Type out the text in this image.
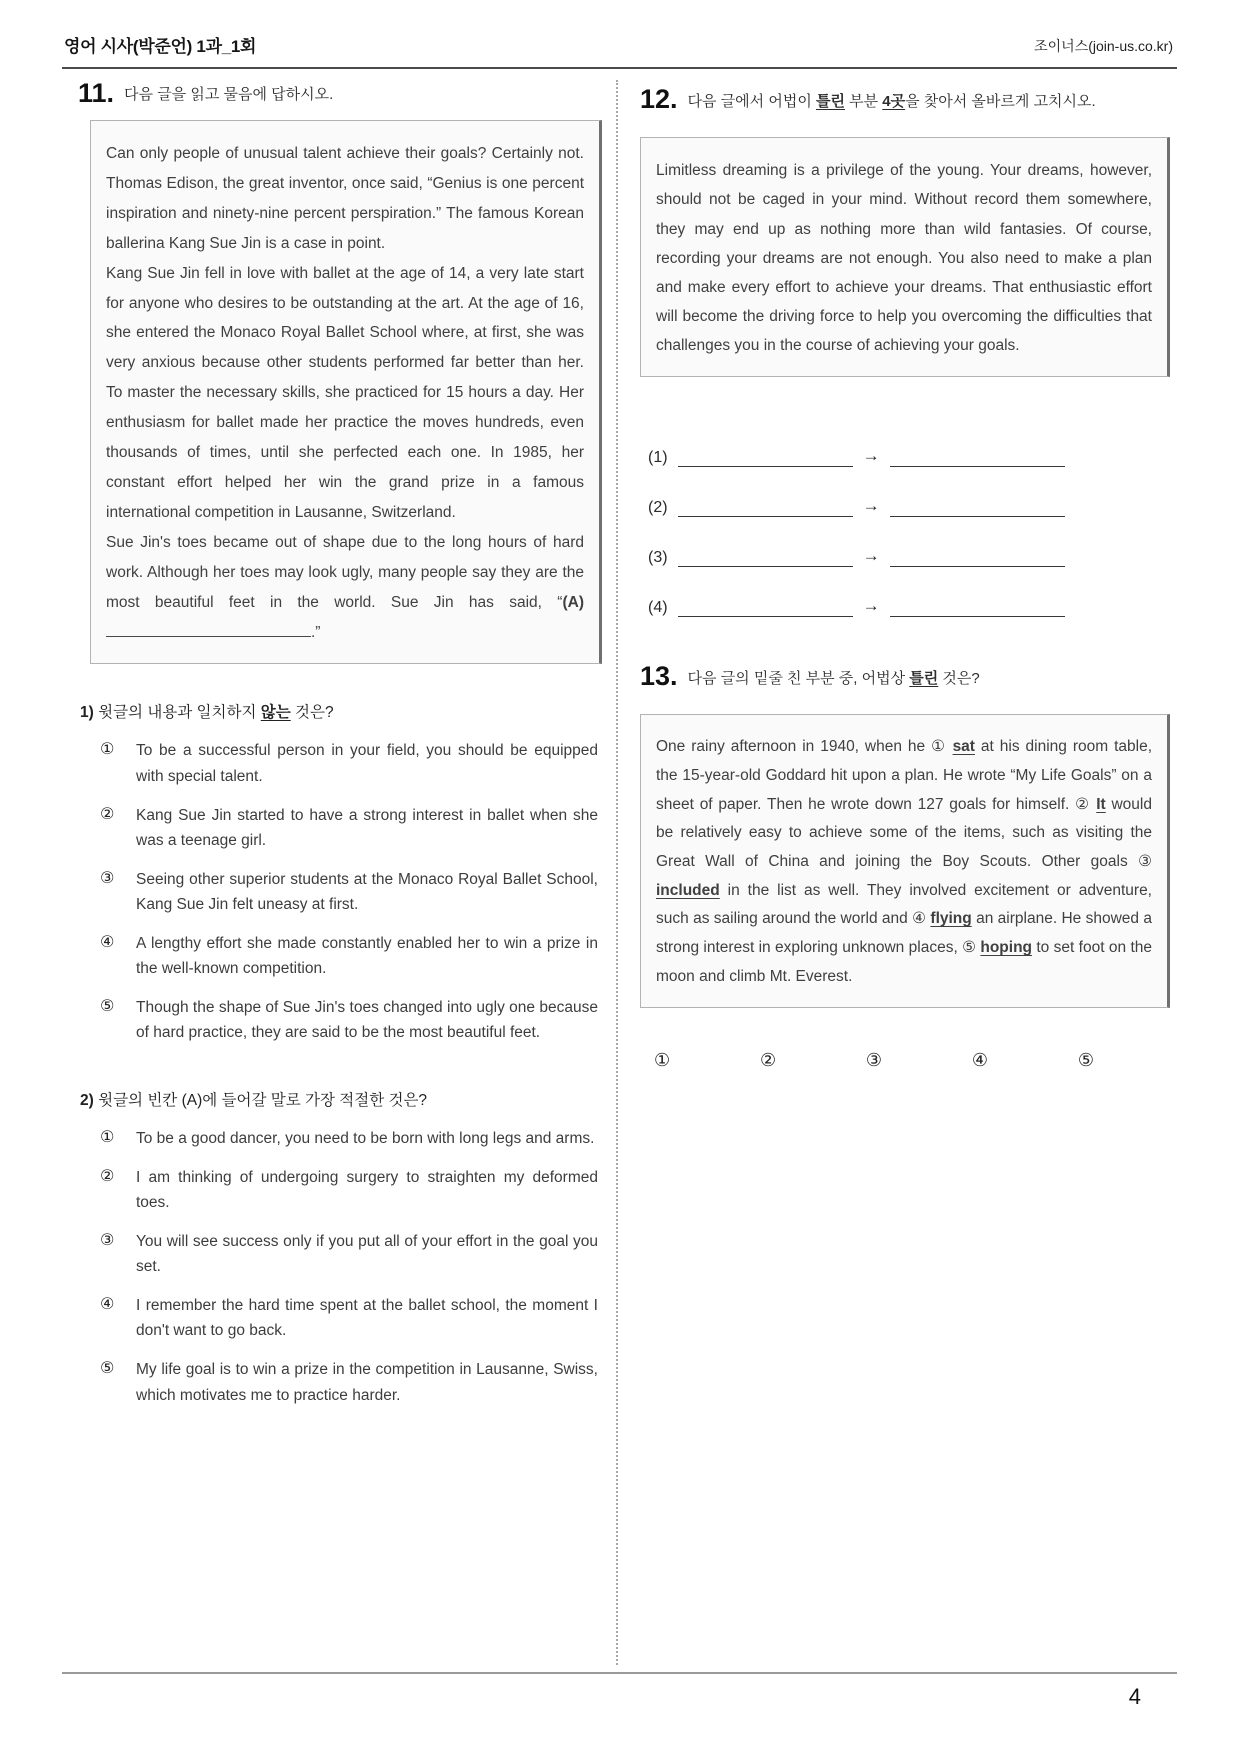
영어 시사(박준언) 1과_1회	조이너스(join-us.co.kr)
11. 다음 글을 읽고 물음에 답하시오.

Can only people of unusual talent achieve their goals? Certainly not. Thomas Edison, the great inventor, once said, “Genius is one percent inspiration and ninety-nine percent perspiration.” The famous Korean ballerina Kang Sue Jin is a case in point.

Kang Sue Jin fell in love with ballet at the age of 14, a very late start for anyone who desires to be outstanding at the art. At the age of 16, she entered the Monaco Royal Ballet School where, at first, she was very anxious because other students performed far better than her. To master the necessary skills, she practiced for 15 hours a day. Her enthusiasm for ballet made her practice the moves hundreds, even thousands of times, until she perfected each one. In 1985, her constant effort helped her win the grand prize in a famous international competition in Lausanne, Switzerland.

Sue Jin's toes became out of shape due to the long hours of hard work. Although her toes may look ugly, many people say they are the most beautiful feet in the world. Sue Jin has said, “(A) .”

1) 윗글의 내용과 일치하지 않는 것은?
①	To be a successful person in your field, you should be equipped with special talent.
②	Kang Sue Jin started to have a strong interest in ballet when she was a teenage girl.
③	Seeing other superior students at the Monaco Royal Ballet School, Kang Sue Jin felt uneasy at first.
④	A lengthy effort she made constantly enabled her to win a prize in the well-known competition.
⑤	Though the shape of Sue Jin's toes changed into ugly one because of hard practice, they are said to be the most beautiful feet.
2) 윗글의 빈칸 (A)에 들어갈 말로 가장 적절한 것은?
①	To be a good dancer, you need to be born with long legs and arms.
②	I am thinking of undergoing surgery to straighten my deformed toes.
③	You will see success only if you put all of your effort in the goal you set.
④	I remember the hard time spent at the ballet school, the moment I don't want to go back.
⑤	My life goal is to win a prize in the competition in Lausanne, Swiss, which motivates me to practice harder.
12. 다음 글에서 어법이 틀린 부분 4곳을 찾아서 올바르게 고치시오.

Limitless dreaming is a privilege of the young. Your dreams, however, should not be caged in your mind. Without record them somewhere, they may end up as nothing more than wild fantasies. Of course, recording your dreams are not enough. You also need to make a plan and make every effort to achieve your dreams. That enthusiastic effort will become the driving force to help you overcoming the difficulties that challenges you in the course of achieving your goals.

(1)	→
(2)	→
(3)	→
(4)	→
13. 다음 글의 밑줄 친 부분 중, 어법상 틀린 것은?

One rainy afternoon in 1940, when he ① sat at his dining room table, the 15-year-old Goddard hit upon a plan. He wrote “My Life Goals” on a sheet of paper. Then he wrote down 127 goals for himself. ② It would be relatively easy to achieve some of the items, such as visiting the Great Wall of China and joining the Boy Scouts. Other goals ③ included in the list as well. They involved excitement or adventure, such as sailing around the world and ④ flying an airplane. He showed a strong interest in exploring unknown places, ⑤ hoping to set foot on the moon and climb Mt. Everest.

①	②	③	④	⑤
4
